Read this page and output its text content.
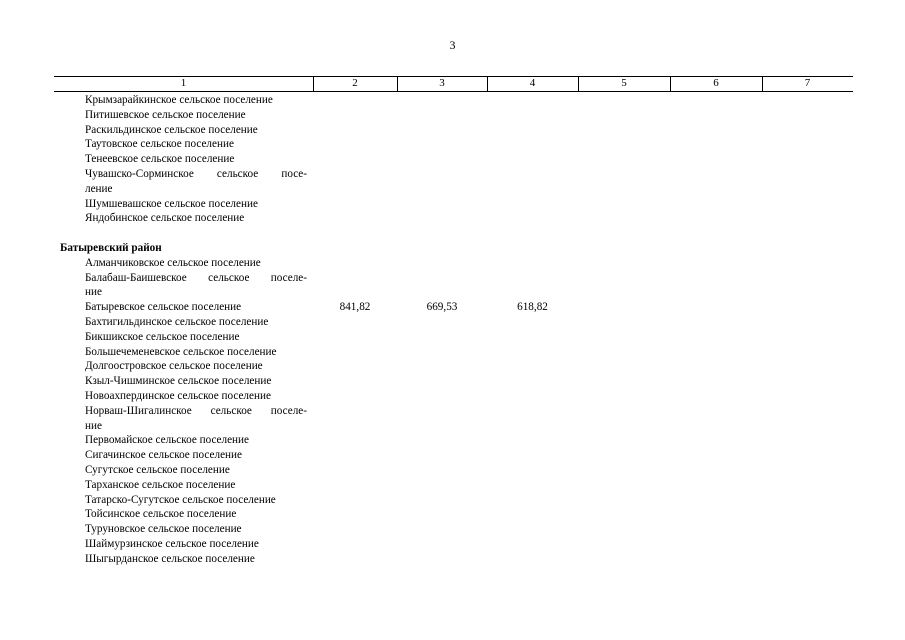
3
1	2	3	4	5	6	7
Крымзарайкинское сельское поселение
Питишевское сельское поселение
Раскильдинское сельское поселение
Таутовское сельское поселение
Тенеевское сельское поселение
Чувашско-Сорминское сельское посе-
ление
Шумшевашское сельское поселение
Яндобинское сельское поселение
Батыревский район
Алманчиковское сельское поселение
Балабаш-Баишевское сельское поселе-
ние
Батыревское сельское поселение	841,82	669,53	618,82
Бахтигильдинское сельское поселение
Бикшикское сельское поселение
Большечеменевское сельское поселение
Долгоостровское сельское поселение
Кзыл-Чишминское сельское поселение
Новоахпердинское сельское поселение
Норваш-Шигалинское сельское поселе-
ние
Первомайское сельское поселение
Сигачинское сельское поселение
Сугутское сельское поселение
Тарханское сельское поселение
Татарско-Сугутское сельское поселение
Тойсинское сельское поселение
Туруновское сельское поселение
Шаймурзинское сельское поселение
Шыгырданское сельское поселение
